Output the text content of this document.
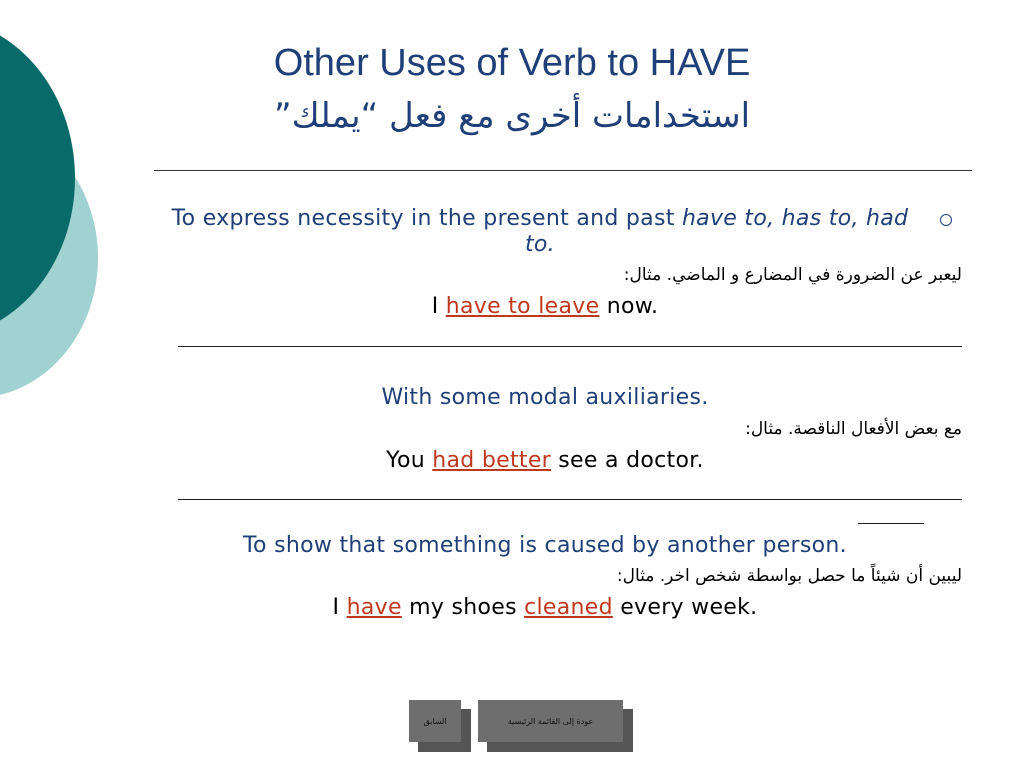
Other Uses of Verb to HAVE
استخدامات أخرى مع فعل “يملك”
To express necessity in the present and past have to, has to, had to.
ليعبر عن الضرورة في المضارع و الماضي. مثال:
I have to leave now.
With some modal auxiliaries.
مع بعض الأفعال الناقصة. مثال:
You had better see a doctor.
To show that something is caused by another person.
ليبين أن شيئاً ما حصل بواسطة شخص اخر. مثال:
I have my shoes cleaned every week.
السابق	عودة إلى القائمة الرئيسية
